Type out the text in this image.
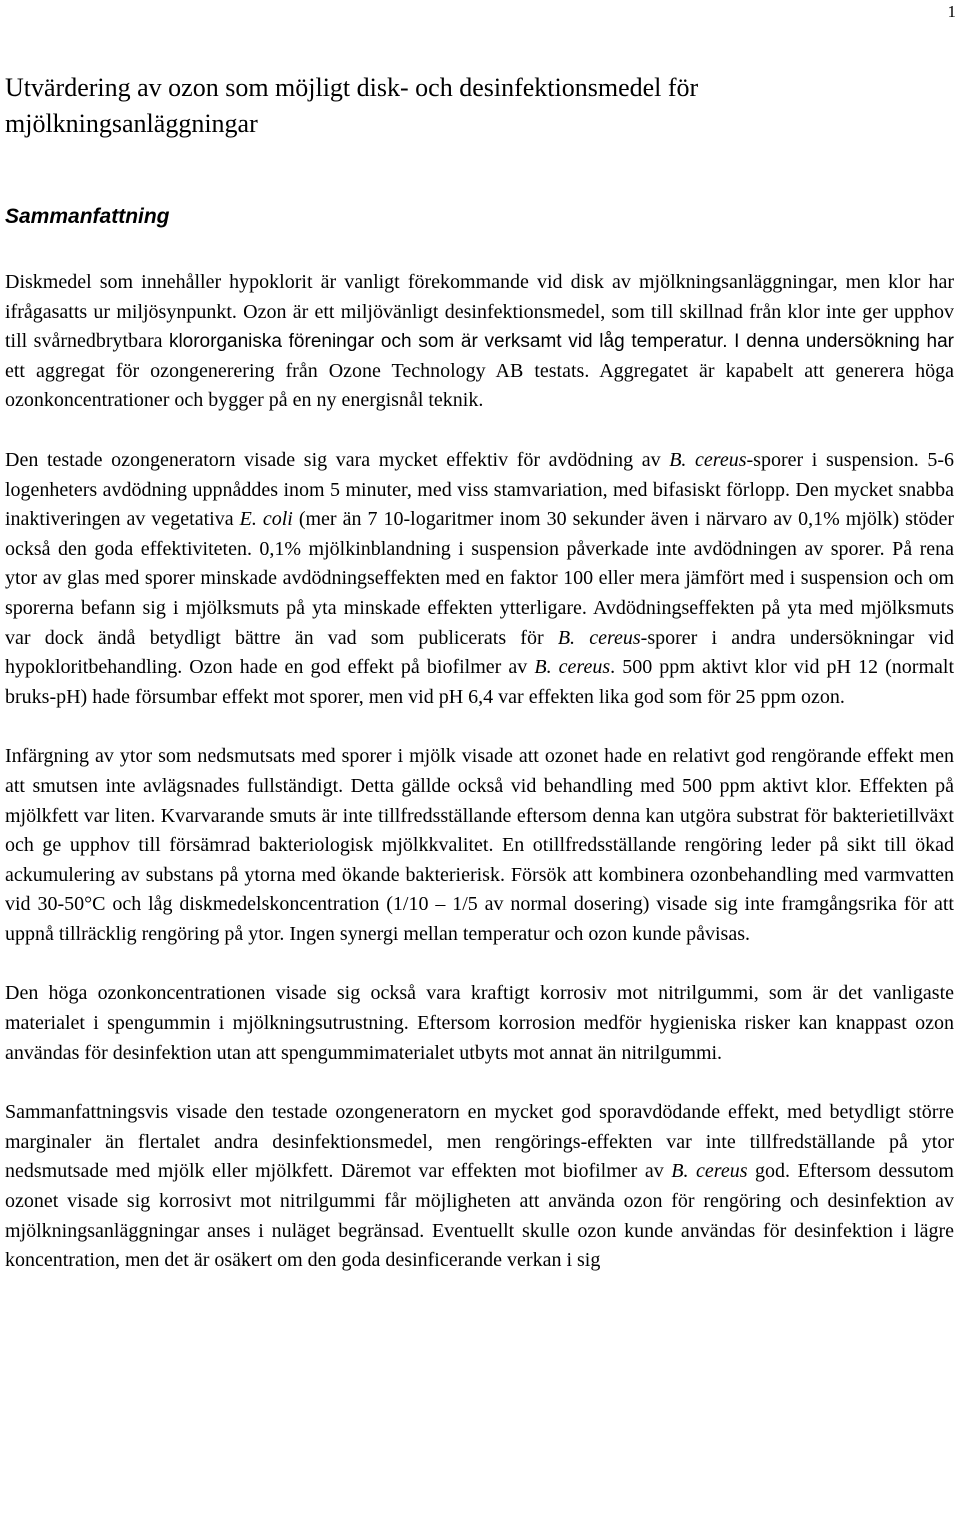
1
Utvärdering av ozon som möjligt disk- och desinfektionsmedel för mjölkningsanläggningar
Sammanfattning

Diskmedel som innehåller hypoklorit är vanligt förekommande vid disk av mjölkningsanläggningar, men klor har ifrågasatts ur miljösynpunkt. Ozon är ett miljövänligt desinfektionsmedel, som till skillnad från klor inte ger upphov till svårnedbrytbara klororganiska föreningar och som är verksamt vid låg temperatur. I denna undersökning har ett aggregat för ozongenerering från Ozone Technology AB testats. Aggregatet är kapabelt att generera höga ozonkoncentrationer och bygger på en ny energisnål teknik.

Den testade ozongeneratorn visade sig vara mycket effektiv för avdödning av B. cereus-sporer i suspension. 5-6 logenheters avdödning uppnåddes inom 5 minuter, med viss stamvariation, med bifasiskt förlopp. Den mycket snabba inaktiveringen av vegetativa E. coli (mer än 7 10-logaritmer inom 30 sekunder även i närvaro av 0,1% mjölk) stöder också den goda effektiviteten. 0,1% mjölkinblandning i suspension påverkade inte avdödningen av sporer. På rena ytor av glas med sporer minskade avdödningseffekten med en faktor 100 eller mera jämfört med i suspension och om sporerna befann sig i mjölksmuts på yta minskade effekten ytterligare. Avdödningseffekten på yta med mjölksmuts var dock ändå betydligt bättre än vad som publicerats för B. cereus-sporer i andra undersökningar vid hypokloritbehandling. Ozon hade en god effekt på biofilmer av B. cereus. 500 ppm aktivt klor vid pH 12 (normalt bruks-pH) hade försumbar effekt mot sporer, men vid pH 6,4 var effekten lika god som för 25 ppm ozon.

Infärgning av ytor som nedsmutsats med sporer i mjölk visade att ozonet hade en relativt god rengörande effekt men att smutsen inte avlägsnades fullständigt. Detta gällde också vid behandling med 500 ppm aktivt klor. Effekten på mjölkfett var liten. Kvarvarande smuts är inte tillfredsställande eftersom denna kan utgöra substrat för bakterietillväxt och ge upphov till försämrad bakteriologisk mjölkkvalitet. En otillfredsställande rengöring leder på sikt till ökad ackumulering av substans på ytorna med ökande bakterierisk. Försök att kombinera ozonbehandling med varmvatten vid 30-50°C och låg diskmedelskoncentration (1/10 – 1/5 av normal dosering) visade sig inte framgångsrika för att uppnå tillräcklig rengöring på ytor. Ingen synergi mellan temperatur och ozon kunde påvisas.

Den höga ozonkoncentrationen visade sig också vara kraftigt korrosiv mot nitrilgummi, som är det vanligaste materialet i spengummin i mjölkningsutrustning. Eftersom korrosion medför hygieniska risker kan knappast ozon användas för desinfektion utan att spengummimaterialet utbyts mot annat än nitrilgummi.

Sammanfattningsvis visade den testade ozongeneratorn en mycket god sporavdödande effekt, med betydligt större marginaler än flertalet andra desinfektionsmedel, men rengörings-effekten var inte tillfredställande på ytor nedsmutsade med mjölk eller mjölkfett. Däremot var effekten mot biofilmer av B. cereus god. Eftersom dessutom ozonet visade sig korrosivt mot nitrilgummi får möjligheten att använda ozon för rengöring och desinfektion av mjölkningsanläggningar anses i nuläget begränsad. Eventuellt skulle ozon kunde användas för desinfektion i lägre koncentration, men det är osäkert om den goda desinficerande verkan i sig
